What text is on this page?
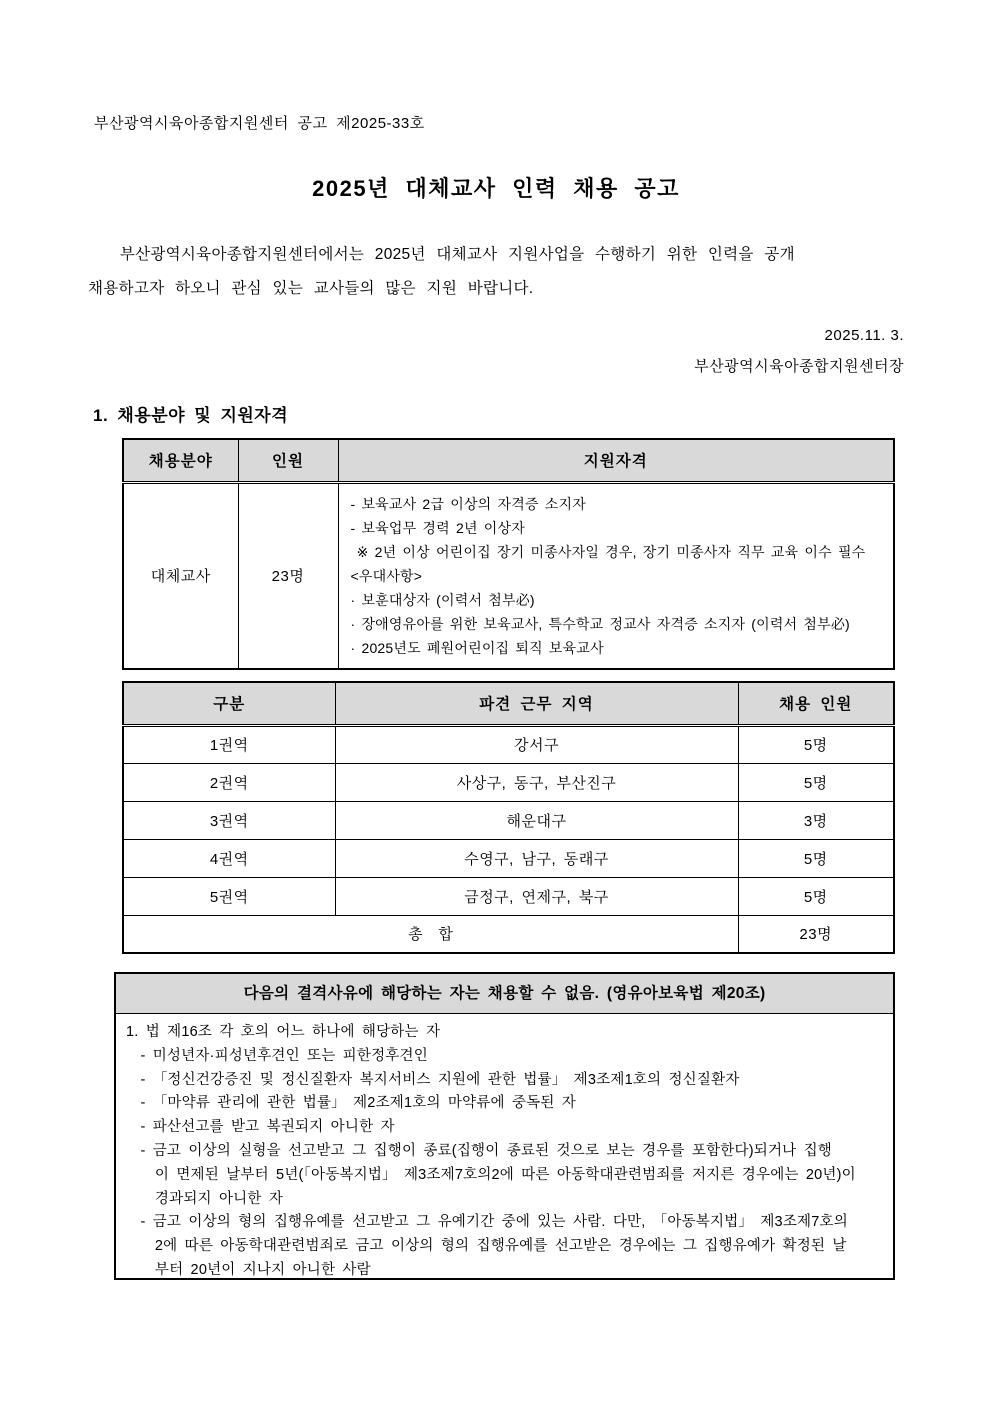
부산광역시육아종합지원센터 공고 제2025-33호
2025년 대체교사 인력 채용 공고
부산광역시육아종합지원센터에서는 2025년 대체교사 지원사업을 수행하기 위한 인력을 공개
채용하고자 하오니 관심 있는 교사들의 많은 지원 바랍니다.
2025.11. 3.
부산광역시육아종합지원센터장
1. 채용분야 및 지원자격
채용분야	인원	지원자격
대체교사	23명	
- 보육교사 2급 이상의 자격증 소지자
- 보육업무 경력 2년 이상자
※ 2년 이상 어린이집 장기 미종사자일 경우, 장기 미종사자 직무 교육 이수 필수
<우대사항>
· 보훈대상자 (이력서 첨부必)
· 장애영유아를 위한 보육교사, 특수학교 정교사 자격증 소지자 (이력서 첨부必)
· 2025년도 폐원어린이집 퇴직 보육교사
구분	파견 근무 지역	채용 인원
1권역	강서구	5명
2권역	사상구, 동구, 부산진구	5명
3권역	해운대구	3명
4권역	수영구, 남구, 동래구	5명
5권역	금정구, 연제구, 북구	5명
총  합		23명
다음의 결격사유에 해당하는 자는 채용할 수 없음. (영유아보육법 제20조)
1. 법 제16조 각 호의 어느 하나에 해당하는 자
- 미성년자·피성년후견인 또는 피한정후견인
- 「정신건강증진 및 정신질환자 복지서비스 지원에 관한 법률」 제3조제1호의 정신질환자
- 「마약류 관리에 관한 법률」 제2조제1호의 마약류에 중독된 자
- 파산선고를 받고 복권되지 아니한 자
- 금고 이상의 실형을 선고받고 그 집행이 종료(집행이 종료된 것으로 보는 경우를 포함한다)되거나 집행
이 면제된 날부터 5년(「아동복지법」 제3조제7호의2에 따른 아동학대관련범죄를 저지른 경우에는 20년)이
경과되지 아니한 자
- 금고 이상의 형의 집행유예를 선고받고 그 유예기간 중에 있는 사람. 다만, 「아동복지법」 제3조제7호의
2에 따른 아동학대관련범죄로 금고 이상의 형의 집행유예를 선고받은 경우에는 그 집행유예가 확정된 날
부터 20년이 지나지 아니한 사람
